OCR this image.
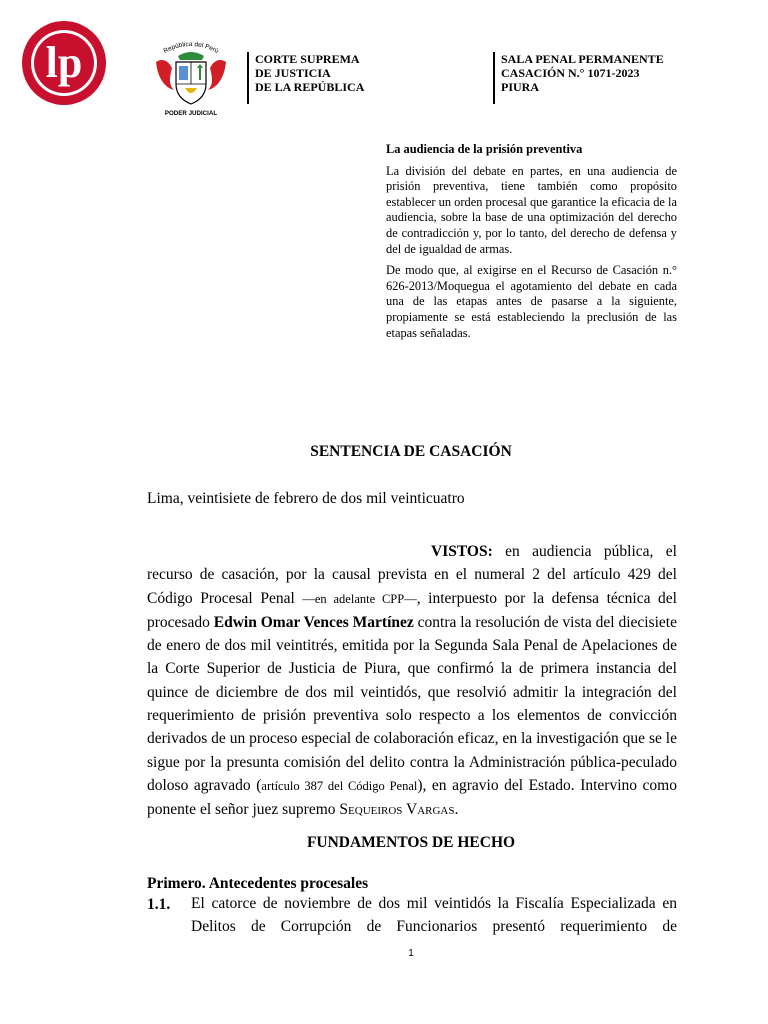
lp	República del Perú
PODER JUDICIAL
CORTE SUPREMA
DE JUSTICIA
DE LA REPÚBLICA
SALA PENAL PERMANENTE
CASACIÓN N.° 1071-2023
PIURA
La audiencia de la prisión preventiva

La división del debate en partes, en una audiencia de prisión preventiva, tiene también como propósito establecer un orden procesal que garantice la eficacia de la audiencia, sobre la base de una optimización del derecho de contradicción y, por lo tanto, del derecho de defensa y del de igualdad de armas.

De modo que, al exigirse en el Recurso de Casación n.° 626-2013/Moquegua el agotamiento del debate en cada una de las etapas antes de pasarse a la siguiente, propiamente se está estableciendo la preclusión de las etapas señaladas.

SENTENCIA DE CASACIÓN
Lima, veintisiete de febrero de dos mil veinticuatro
VISTOS: en audiencia pública, el recurso de casación, por la causal prevista en el numeral 2 del artículo 429 del Código Procesal Penal —en adelante CPP—, interpuesto por la defensa técnica del procesado Edwin Omar Vences Martínez contra la resolución de vista del diecisiete de enero de dos mil veintitrés, emitida por la Segunda Sala Penal de Apelaciones de la Corte Superior de Justicia de Piura, que confirmó la de primera instancia del quince de diciembre de dos mil veintidós, que resolvió admitir la integración del requerimiento de prisión preventiva solo respecto a los elementos de convicción derivados de un proceso especial de colaboración eficaz, en la investigación que se le sigue por la presunta comisión del delito contra la Administración pública-peculado doloso agravado (artículo 387 del Código Penal), en agravio del Estado. Intervino como ponente el señor juez supremo Sequeiros Vargas.
FUNDAMENTOS DE HECHO
Primero. Antecedentes procesales
1.1. El catorce de noviembre de dos mil veintidós la Fiscalía Especializada en Delitos de Corrupción de Funcionarios presentó requerimiento de
1
